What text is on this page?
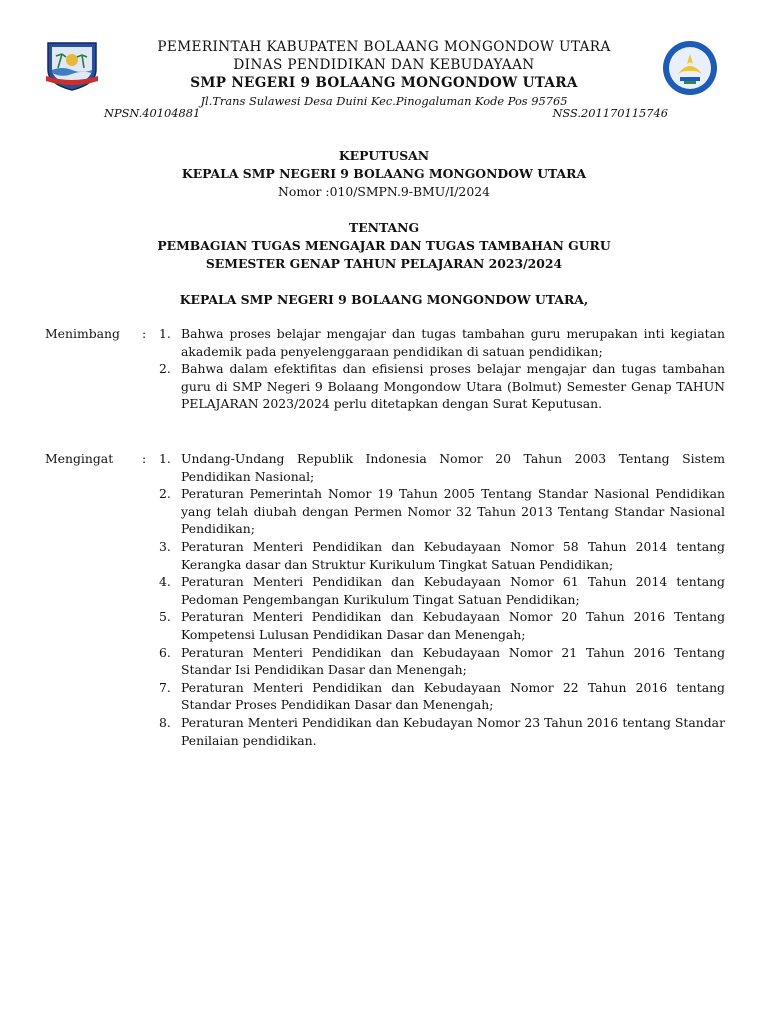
PEMERINTAH KABUPATEN BOLAANG MONGONDOW UTARA
DINAS PENDIDIKAN DAN KEBUDAYAAN
SMP NEGERI 9 BOLAANG MONGONDOW UTARA
Jl.Trans Sulawesi Desa Duini Kec.Pinogaluman Kode Pos 95765
NPSN.40104881	NSS.201170115746
KEPUTUSAN
KEPALA SMP NEGERI 9 BOLAANG MONGONDOW UTARA
Nomor :010/SMPN.9-BMU/I/2024
TENTANG
PEMBAGIAN TUGAS MENGAJAR DAN TUGAS TAMBAHAN GURU
SEMESTER GENAP TAHUN PELAJARAN 2023/2024
KEPALA SMP NEGERI 9 BOLAANG MONGONDOW UTARA,
Menimbang : 1. Bahwa proses belajar mengajar dan tugas tambahan guru merupakan inti kegiatan akademik pada penyelenggaraan pendidikan di satuan pendidikan;
2. Bahwa dalam efektifitas dan efisiensi proses belajar mengajar dan tugas tambahan guru di SMP Negeri 9 Bolaang Mongondow Utara (Bolmut) Semester Genap TAHUN PELAJARAN 2023/2024 perlu ditetapkan dengan Surat Keputusan.
Mengingat : 1. Undang-Undang Republik Indonesia Nomor 20 Tahun 2003 Tentang Sistem Pendidikan Nasional;
2. Peraturan Pemerintah Nomor 19 Tahun 2005 Tentang Standar Nasional Pendidikan yang telah diubah dengan Permen Nomor 32 Tahun 2013 Tentang Standar Nasional Pendidikan;
3. Peraturan Menteri Pendidikan dan Kebudayaan Nomor 58 Tahun 2014 tentang Kerangka dasar dan Struktur Kurikulum Tingkat Satuan Pendidikan;
4. Peraturan Menteri Pendidikan dan Kebudayaan Nomor 61 Tahun 2014 tentang Pedoman Pengembangan Kurikulum Tingat Satuan Pendidikan;
5. Peraturan Menteri Pendidikan dan Kebudayaan Nomor 20 Tahun 2016 Tentang Kompetensi Lulusan Pendidikan Dasar dan Menengah;
6. Peraturan Menteri Pendidikan dan Kebudayaan Nomor 21 Tahun 2016 Tentang Standar Isi Pendidikan Dasar dan Menengah;
7. Peraturan Menteri Pendidikan dan Kebudayaan Nomor 22 Tahun 2016 tentang Standar Proses Pendidikan Dasar dan Menengah;
8. Peraturan Menteri Pendidikan dan Kebudayan Nomor 23 Tahun 2016 tentang Standar Penilaian pendidikan.
